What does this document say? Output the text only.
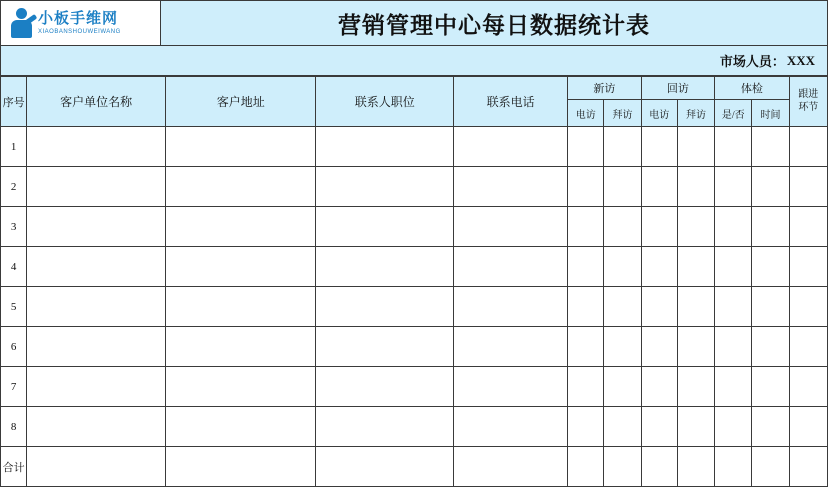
小板手维网
XIAOBANSHOUWEIWANG	营销管理中心每日数据统计表
市场人员： XXX
序号	客户单位名称	客户地址	联系人职位	联系电话	新访		回访		体检		跟进
环节
					电访	拜访	电访	拜访	是/否	时间	
1											
2											
3											
4											
5											
6											
7											
8											
合计											
